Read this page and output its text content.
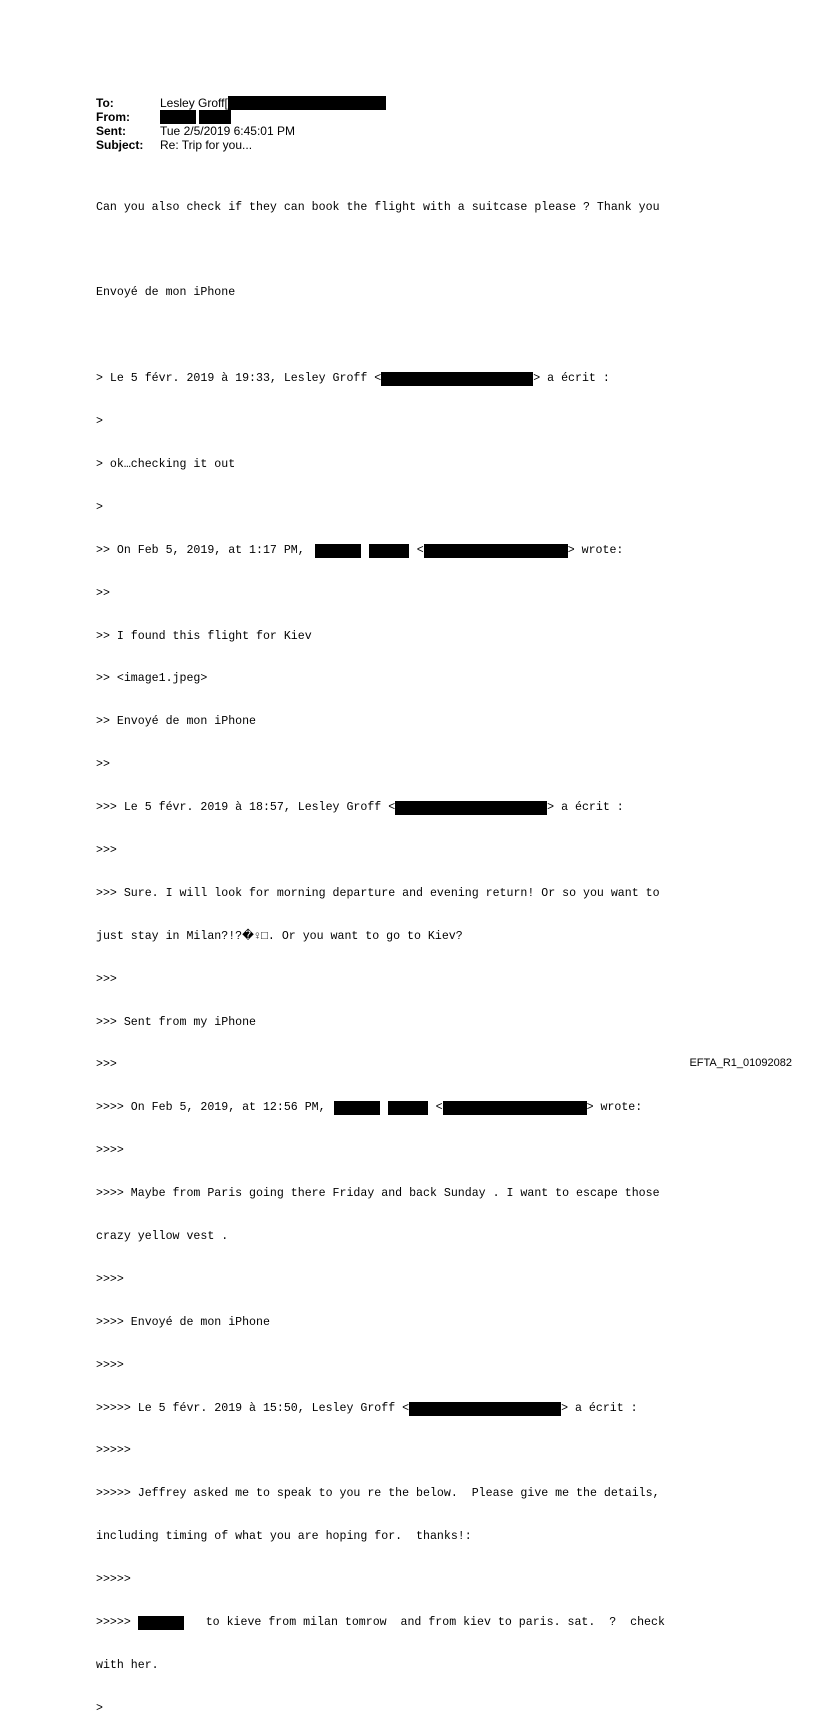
To:	Lesley Groff[
From:
Sent:	Tue 2/5/2019 6:45:01 PM
Subject:	Re: Trip for you...

Can you also check if they can book the flight with a suitcase please ? Thank you

Envoyé de mon iPhone

> Le 5 févr. 2019 à 19:33, Lesley Groff <	> a écrit :

>

> ok…checking it out

>

>> On Feb 5, 2019, at 1:17 PM,	<	> wrote:

>>

>> I found this flight for Kiev

>> <image1.jpeg>

>> Envoyé de mon iPhone

>>

>>> Le 5 févr. 2019 à 18:57, Lesley Groff <	> a écrit :

>>>

>>> Sure. I will look for morning departure and evening return! Or so you want to

just stay in Milan?!?�♀□. Or you want to go to Kiev?

>>>

>>> Sent from my iPhone

>>>

>>>> On Feb 5, 2019, at 12:56 PM,	<	> wrote:

>>>>

>>>> Maybe from Paris going there Friday and back Sunday . I want to escape those

crazy yellow vest .

>>>>

>>>> Envoyé de mon iPhone

>>>>

>>>>> Le 5 févr. 2019 à 15:50, Lesley Groff <	> a écrit :

>>>>>

>>>>> Jeffrey asked me to speak to you re the below.  Please give me the details,

including timing of what you are hoping for.  thanks!:

>>>>>

>>>>>	to kieve from milan tomrow  and from kiev to paris. sat.  ?  check

with her.

>

EFTA_R1_01092082
